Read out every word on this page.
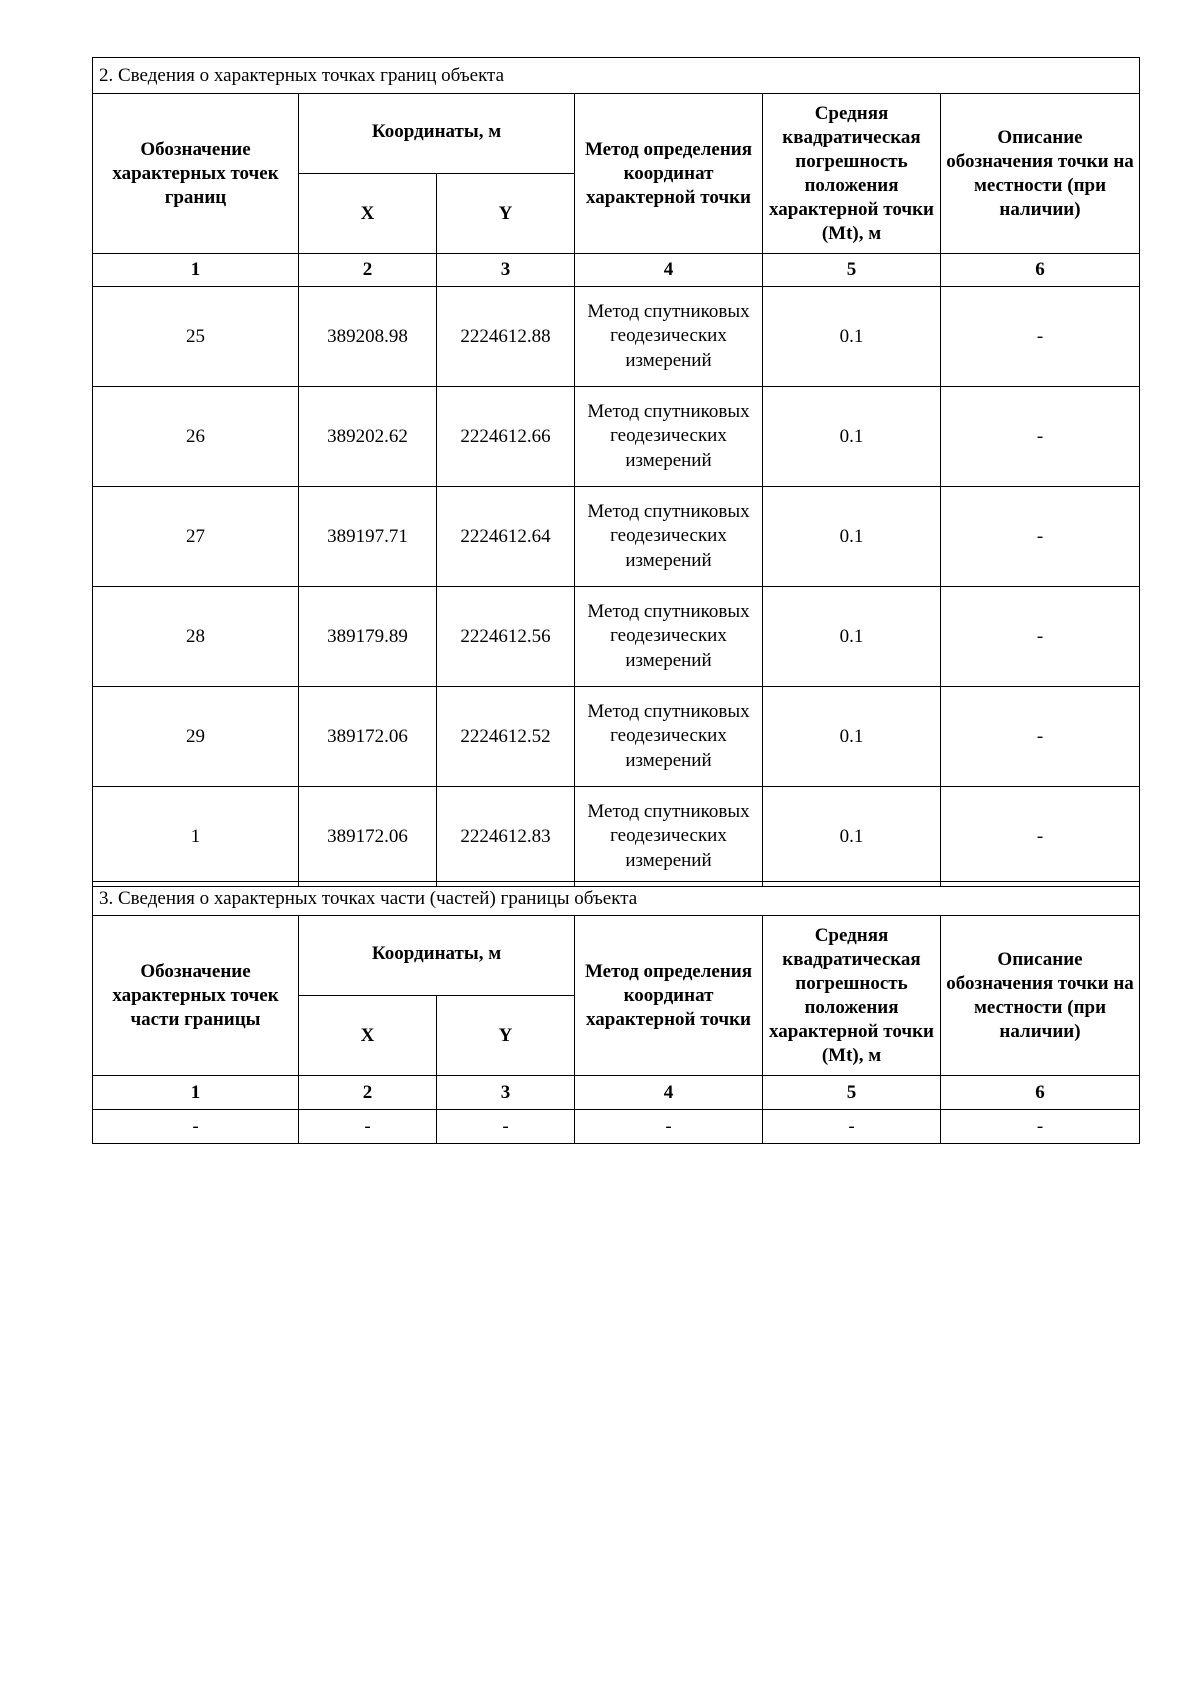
2. Сведения о характерных точках границ объекта					
Обозначение характерных точек границ	Координаты, м		Метод определения координат характерной точки	Средняя квадратическая погрешность положения характерной точки (Mt), м	Описание обозначения точки на местности (при наличии)
	X	Y			
1	2	3	4	5	6
25	389208.98	2224612.88	Метод спутниковых геодезических измерений	0.1	-
26	389202.62	2224612.66	Метод спутниковых геодезических измерений	0.1	-
27	389197.71	2224612.64	Метод спутниковых геодезических измерений	0.1	-
28	389179.89	2224612.56	Метод спутниковых геодезических измерений	0.1	-
29	389172.06	2224612.52	Метод спутниковых геодезических измерений	0.1	-
1	389172.06	2224612.83	Метод спутниковых геодезических измерений	0.1	-
3. Сведения о характерных точках части (частей) границы объекта					
Обозначение характерных точек части границы	Координаты, м		Метод определения координат характерной точки	Средняя квадратическая погрешность положения характерной точки (Mt), м	Описание обозначения точки на местности (при наличии)
	X	Y			
1	2	3	4	5	6
-	-	-	-	-	-
